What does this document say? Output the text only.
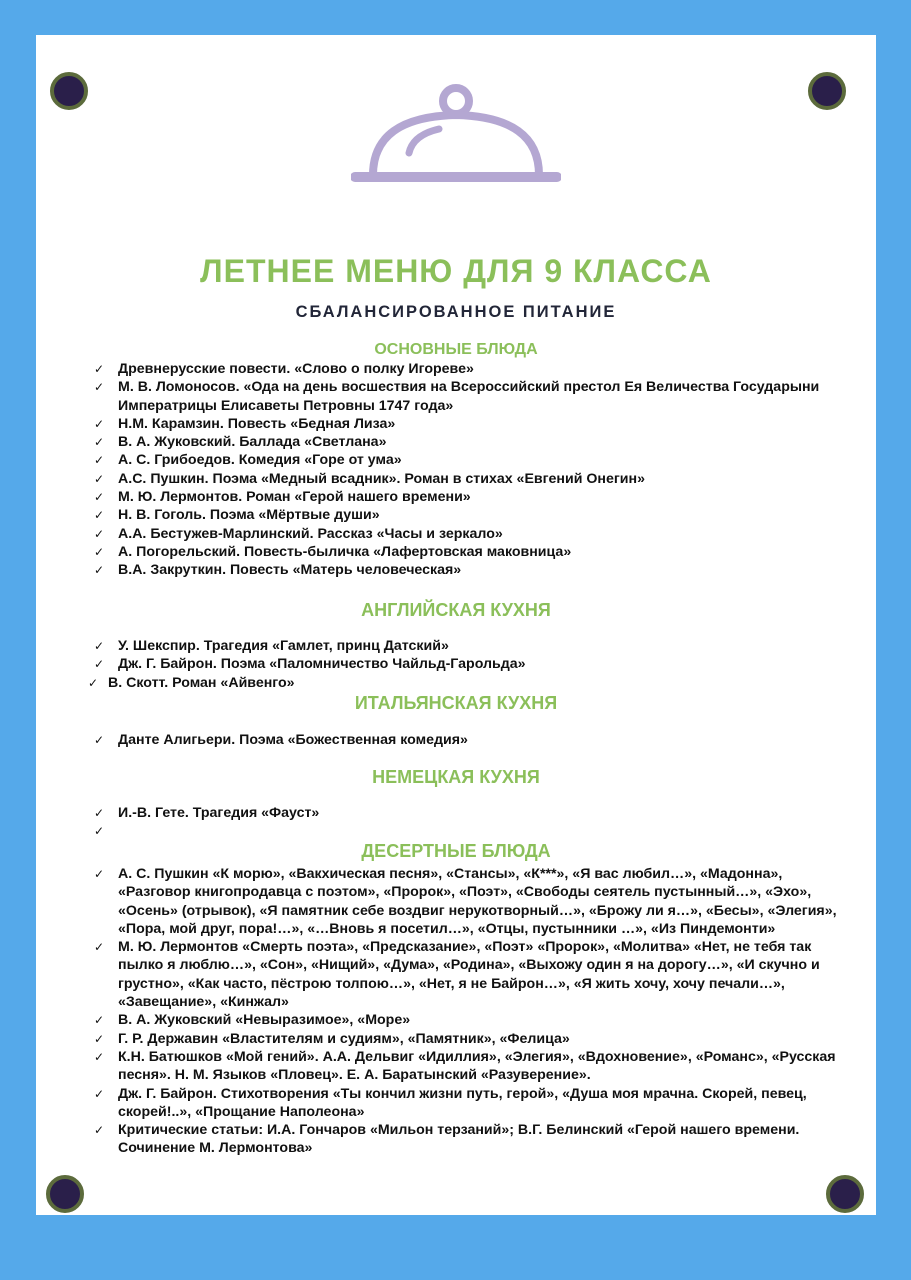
ЛЕТНЕЕ МЕНЮ ДЛЯ 9 КЛАССА
СБАЛАНСИРОВАННОЕ ПИТАНИЕ
ОСНОВНЫЕ БЛЮДА
✓ Древнерусские повести. «Слово о полку Игореве»
✓ М. В. Ломоносов. «Ода на день восшествия на Всероссийский престол Ея Величества Государыни Императрицы Елисаветы Петровны 1747 года»
✓ Н.М. Карамзин. Повесть «Бедная Лиза»
✓ В. А. Жуковский. Баллада «Светлана»
✓ А. С. Грибоедов. Комедия «Горе от ума»
✓ А.С. Пушкин. Поэма «Медный всадник». Роман в стихах «Евгений Онегин»
✓ М. Ю. Лермонтов. Роман «Герой нашего времени»
✓ Н. В. Гоголь. Поэма «Мёртвые души»
✓ А.А. Бестужев-Марлинский. Рассказ «Часы и зеркало»
✓ А. Погорельский. Повесть-быличка «Лафертовская маковница»
✓ В.А. Закруткин. Повесть «Матерь человеческая»
АНГЛИЙСКАЯ КУХНЯ
✓ У. Шекспир. Трагедия «Гамлет, принц Датский»
✓ Дж. Г. Байрон. Поэма «Паломничество Чайльд-Гарольда»
✓ В. Скотт. Роман «Айвенго»
ИТАЛЬЯНСКАЯ КУХНЯ
✓ Данте Алигьери. Поэма «Божественная комедия»
НЕМЕЦКАЯ КУХНЯ
✓ И.-В. Гете. Трагедия «Фауст»
✓
ДЕСЕРТНЫЕ БЛЮДА
✓ А. С. Пушкин «К морю», «Вакхическая песня», «Стансы», «К***», «Я вас любил…», «Мадонна», «Разговор книгопродавца с поэтом», «Пророк», «Поэт», «Свободы сеятель пустынный…», «Эхо», «Осень» (отрывок), «Я памятник себе воздвиг нерукотворный…», «Брожу ли я…», «Бесы», «Элегия», «Пора, мой друг, пора!…», «…Вновь я посетил…», «Отцы, пустынники …», «Из Пиндемонти»
✓ М. Ю. Лермонтов «Смерть поэта», «Предсказание», «Поэт» «Пророк», «Молитва» «Нет, не тебя так пылко я люблю…», «Сон», «Нищий», «Дума», «Родина», «Выхожу один я на дорогу…», «И скучно и грустно», «Как часто, пёстрою толпою…», «Нет, я не Байрон…», «Я жить хочу, хочу печали…», «Завещание», «Кинжал»
✓ В. А. Жуковский «Невыразимое», «Море»
✓ Г. Р. Державин «Властителям и судиям», «Памятник», «Фелица»
✓ К.Н. Батюшков «Мой гений». А.А. Дельвиг «Идиллия», «Элегия», «Вдохновение», «Романс», «Русская песня». Н. М. Языков «Пловец». Е. А. Баратынский «Разуверение».
✓ Дж. Г. Байрон. Стихотворения «Ты кончил жизни путь, герой», «Душа моя мрачна. Скорей, певец, скорей!..», «Прощание Наполеона»
✓ Критические статьи: И.А. Гончаров «Мильон терзаний»; В.Г. Белинский «Герой нашего времени. Сочинение М. Лермонтова»
